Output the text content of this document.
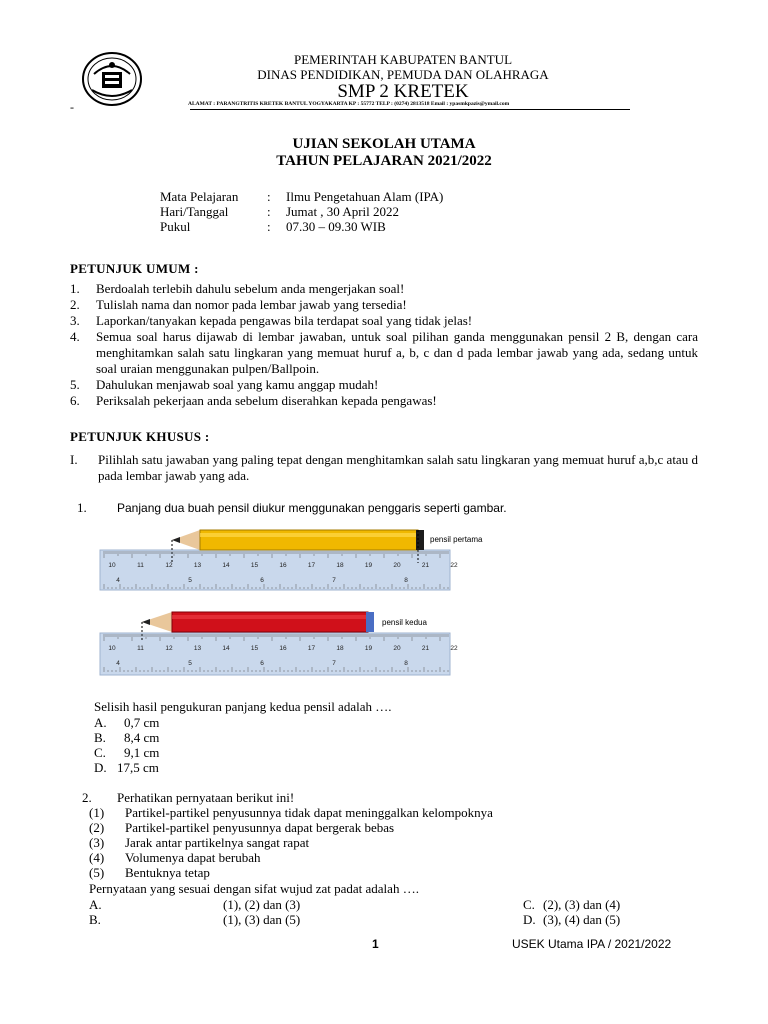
PEMERINTAH KABUPATEN BANTUL
DINAS PENDIDIKAN, PEMUDA DAN OLAHRAGA
SMP 2 KRETEK
ALAMAT : PARANGTRITIS KRETEK BANTUL YOGYAKARTA KP : 55772 TELP : (0274) 2813518 Email : ypasmkpazis@ymail.com
-
UJIAN SEKOLAH UTAMA
TAHUN PELAJARAN 2021/2022
Mata Pelajaran	:	Ilmu Pengetahuan Alam (IPA)
Hari/Tanggal	:	Jumat , 30 April 2022
Pukul	:	07.30 – 09.30 WIB
PETUNJUK UMUM :

1. Berdoalah terlebih dahulu sebelum anda mengerjakan soal!

2. Tulislah nama dan nomor pada lembar jawab yang tersedia!

3. Laporkan/tanyakan kepada pengawas bila terdapat soal yang tidak jelas!

4. Semua soal harus dijawab di lembar jawaban, untuk soal pilihan ganda menggunakan pensil 2 B, dengan cara menghitamkan salah satu lingkaran yang memuat huruf a, b, c dan d pada lembar jawab yang ada, sedang untuk soal uraian menggunakan pulpen/Ballpoin.

5. Dahulukan menjawab soal yang kamu anggap mudah!

6. Periksalah pekerjaan anda sebelum diserahkan kepada pengawas!

PETUNJUK KHUSUS :

I. Pilihlah satu jawaban yang paling tepat dengan menghitamkan salah satu lingkaran yang memuat huruf a,b,c atau d pada lembar jawab yang ada.

1.	Panjang dua buah pensil diukur menggunakan penggaris seperti gambar.
10	11	12	13	14	15	16	17	18	19	20	21	22
4	5	6	7	8
pensil pertama
10	11	12	13	14	15	16	17	18	19	20	21	22
4	5	6	7	8
pensil kedua
Selisih hasil pengukuran panjang kedua pensil adalah ….
A. 0,7 cm
B. 8,4 cm
C. 9,1 cm
D. 17,5 cm
2. Perhatikan pernyataan berikut ini!
(1) Partikel-partikel penyusunnya tidak dapat meninggalkan kelompoknya
(2) Partikel-partikel penyusunnya dapat bergerak bebas
(3) Jarak antar partikelnya sangat rapat
(4) Volumenya dapat berubah
(5) Bentuknya tetap
Pernyataan yang sesuai dengan sifat wujud zat padat adalah ….
A.	(1), (2) dan (3)
B.	(1), (3) dan (5)
C. (2), (3) dan (4)
D. (3), (4) dan (5)
1	USEK Utama IPA / 2021/2022
